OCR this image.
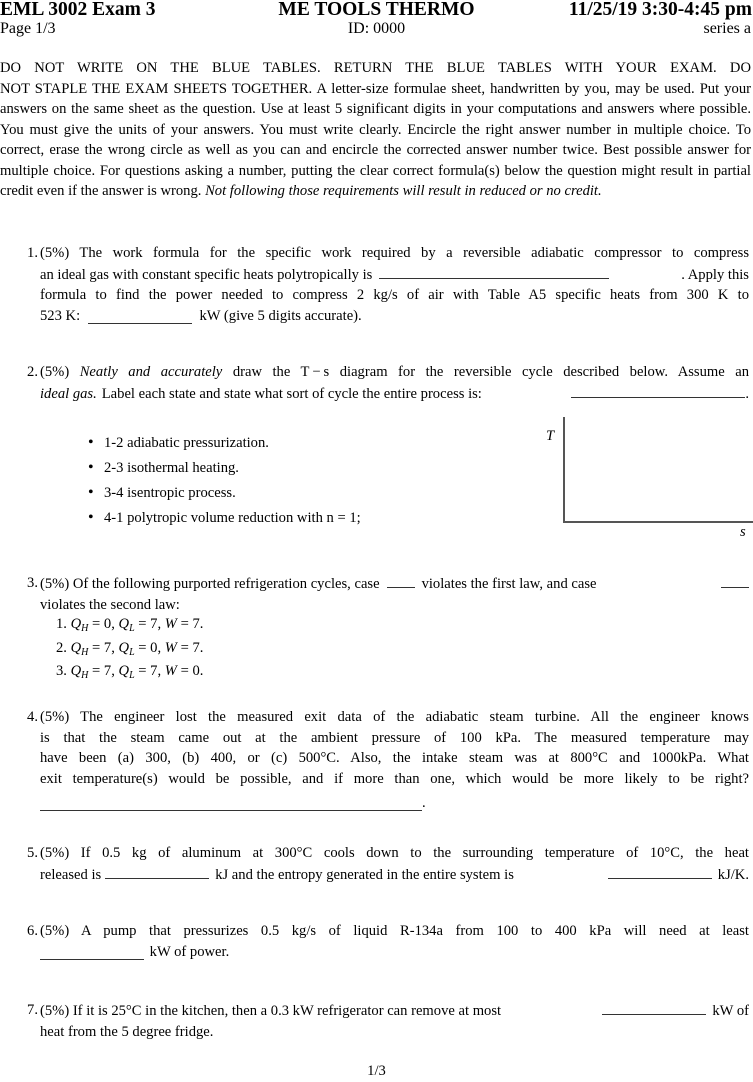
EML 3002 Exam 3	ME TOOLS THERMO	11/25/19 3:30-4:45 pm
Page 1/3	ID: 0000	series a
DO NOT WRITE ON THE BLUE TABLES. RETURN THE BLUE TABLES WITH YOUR EXAM. DO
NOT STAPLE THE EXAM SHEETS TOGETHER. A letter-size formulae sheet, handwritten by you, may be used. Put your answers on the same sheet as the question. Use at least 5 significant digits in your computations and answers where possible. You must give the units of your answers. You must write clearly. Encircle the right answer number in multiple choice. To correct, erase the wrong circle as well as you can and encircle the corrected answer number twice. Best possible answer for multiple choice. For questions asking a number, putting the clear correct formula(s) below the question might result in partial credit even if the answer is wrong. Not following those requirements will result in reduced or no credit.
1. (5%) The work formula for the specific work required by a reversible adiabatic compressor to compress
an ideal gas with constant specific heats polytropically is	. Apply this
formula to find the power needed to compress 2 kg/s of air with Table A5 specific heats from 300 K to
523 K:	kW (give 5 digits accurate).
2. (5%) Neatly and accurately draw the T − s diagram for the reversible cycle described below. Assume an
ideal gas. Label each state and state what sort of cycle the entire process is:	.
• 1-2 adiabatic pressurization.
• 2-3 isothermal heating.
• 3-4 isentropic process.
• 4-1 polytropic volume reduction with n = 1;
T
s
3. (5%) Of the following purported refrigeration cycles, case	violates the first law, and case
violates the second law:
1. $Q_H = 0$, $Q_L = 7$, W = 7.
2. $Q_H = 7$, $Q_L = 0$, W = 7.
3. $Q_H = 7$, $Q_L = 7$, W = 0.
4. (5%) The engineer lost the measured exit data of the adiabatic steam turbine. All the engineer knows
is that the steam came out at the ambient pressure of 100 kPa. The measured temperature may
have been (a) 300, (b) 400, or (c) 500°C. Also, the intake steam was at 800°C and 1000kPa. What
exit temperature(s) would be possible, and if more than one, which would be more likely to be right?
.
5. (5%) If 0.5 kg of aluminum at 300°C cools down to the surrounding temperature of 10°C, the heat
released is	kJ and the entropy generated in the entire system is	kJ/K.
6. (5%) A pump that pressurizes 0.5 kg/s of liquid R-134a from 100 to 400 kPa will need at least
kW of power.
7. (5%) If it is 25°C in the kitchen, then a 0.3 kW refrigerator can remove at most	kW of
heat from the 5 degree fridge.
1/3
